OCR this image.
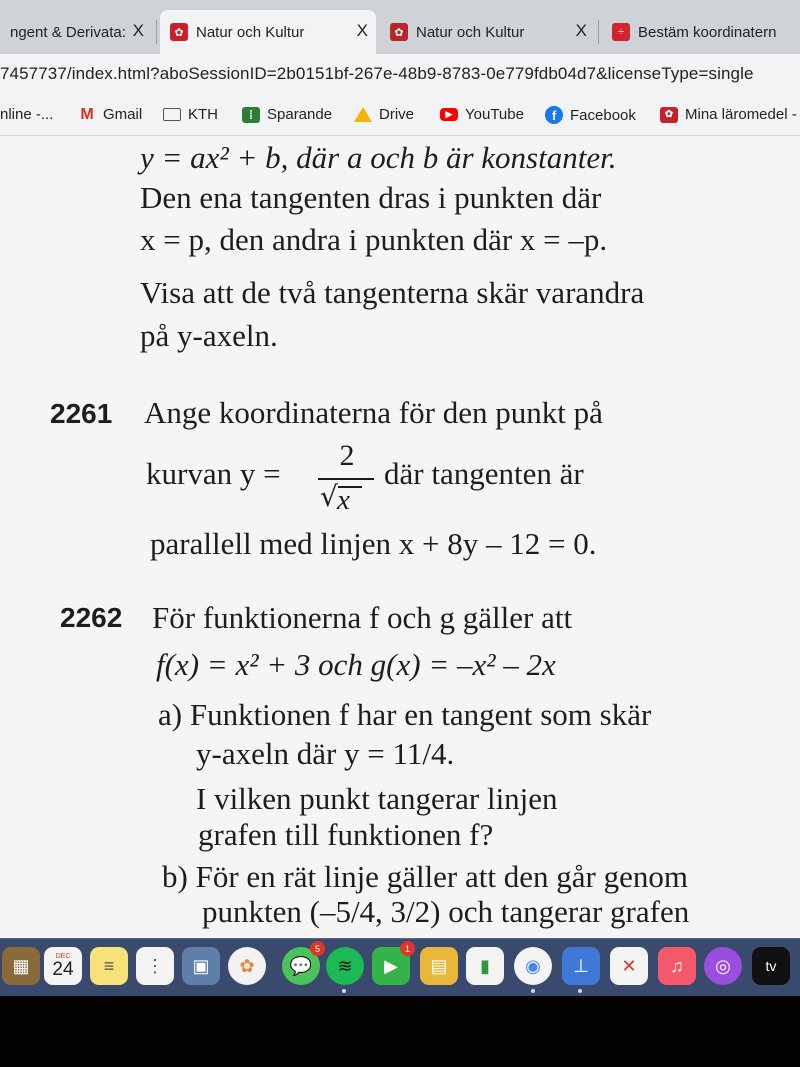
ngent & Derivata: X	✿ Natur och Kultur	X	✿ Natur och Kultur	X	÷ Bestäm koordinatern
7457737/index.html?aboSessionID=2b0151bf-267e-48b9-8783-0e779fdb04d7&licenseType=single
nline -... M Gmail	KTH	⁞ Sparande	Drive	▶ YouTube	f Facebook	✿ Mina läromedel -
y = ax² + b, där a och b är konstanter.
Den ena tangenten dras i punkten där
x = p, den andra i punkten där x = –p.
Visa att de två tangenterna skär varandra
på y-axeln.
2261 Ange koordinaterna för den punkt på
kurvan y =
2
√ x
där tangenten är
parallell med linjen x + 8y – 12 = 0.
2262 För funktionerna f och g gäller att
f(x) = x² + 3 och g(x) = –x² – 2x
a) Funktionen f har en tangent som skär
y-axeln där y = 11/4.
I vilken punkt tangerar linjen
grafen till funktionen f?
b) För en rät linje gäller att den går genom
punkten (–5/4, 3/2) och tangerar grafen
▦	DEC
24	≡	⋮	▣	✿	💬
5
≋	▶
1
▤	▮	◉	⊥	✕	♫	◎	tv
